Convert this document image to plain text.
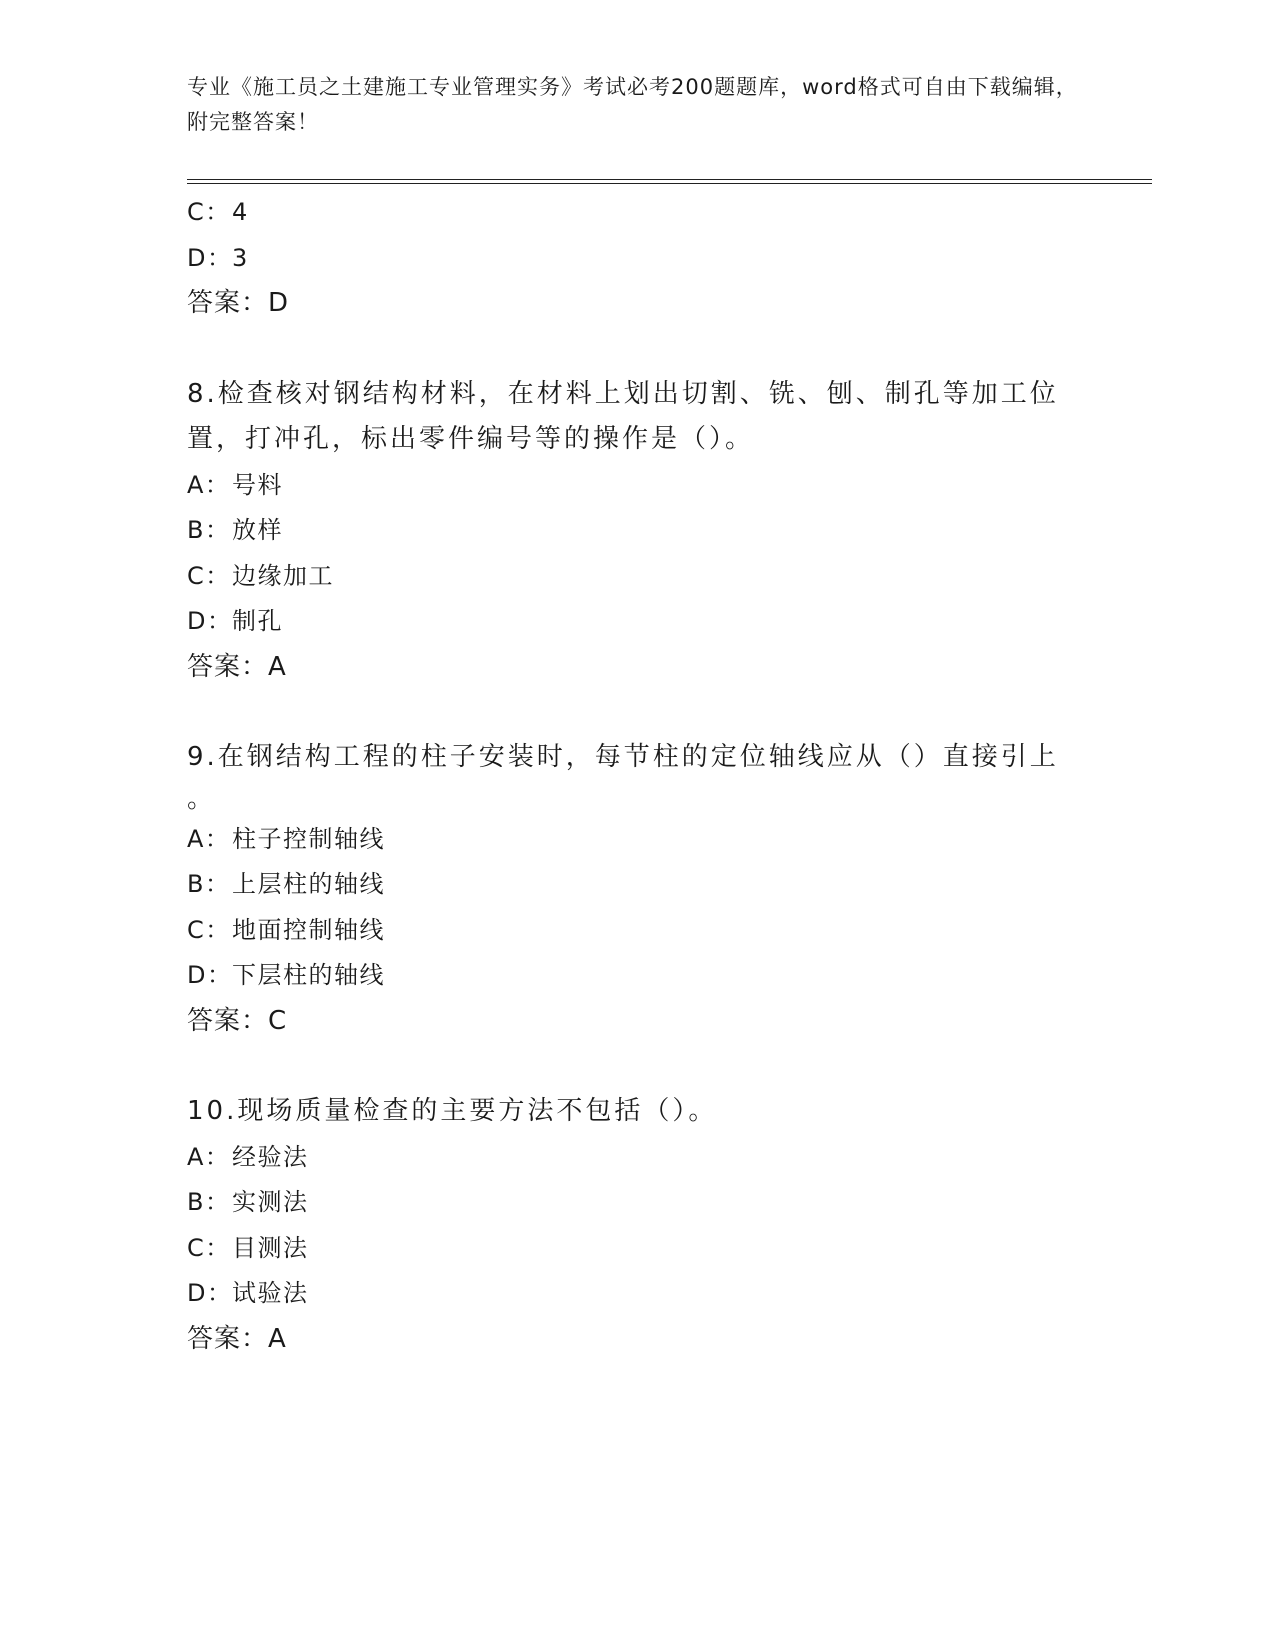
专业《施工员之土建施工专业管理实务》考试必考200题题库，word格式可自由下载编辑，附完整答案！
C：4
D：3
答案：D
8.检查核对钢结构材料，在材料上划出切割、铣、刨、制孔等加工位置，打冲孔，标出零件编号等的操作是（）。
A：号料
B：放样
C：边缘加工
D：制孔
答案：A
9.在钢结构工程的柱子安装时，每节柱的定位轴线应从（）直接引上
。
A：柱子控制轴线
B：上层柱的轴线
C：地面控制轴线
D：下层柱的轴线
答案：C
10.现场质量检查的主要方法不包括（）。
A：经验法
B：实测法
C：目测法
D：试验法
答案：A
